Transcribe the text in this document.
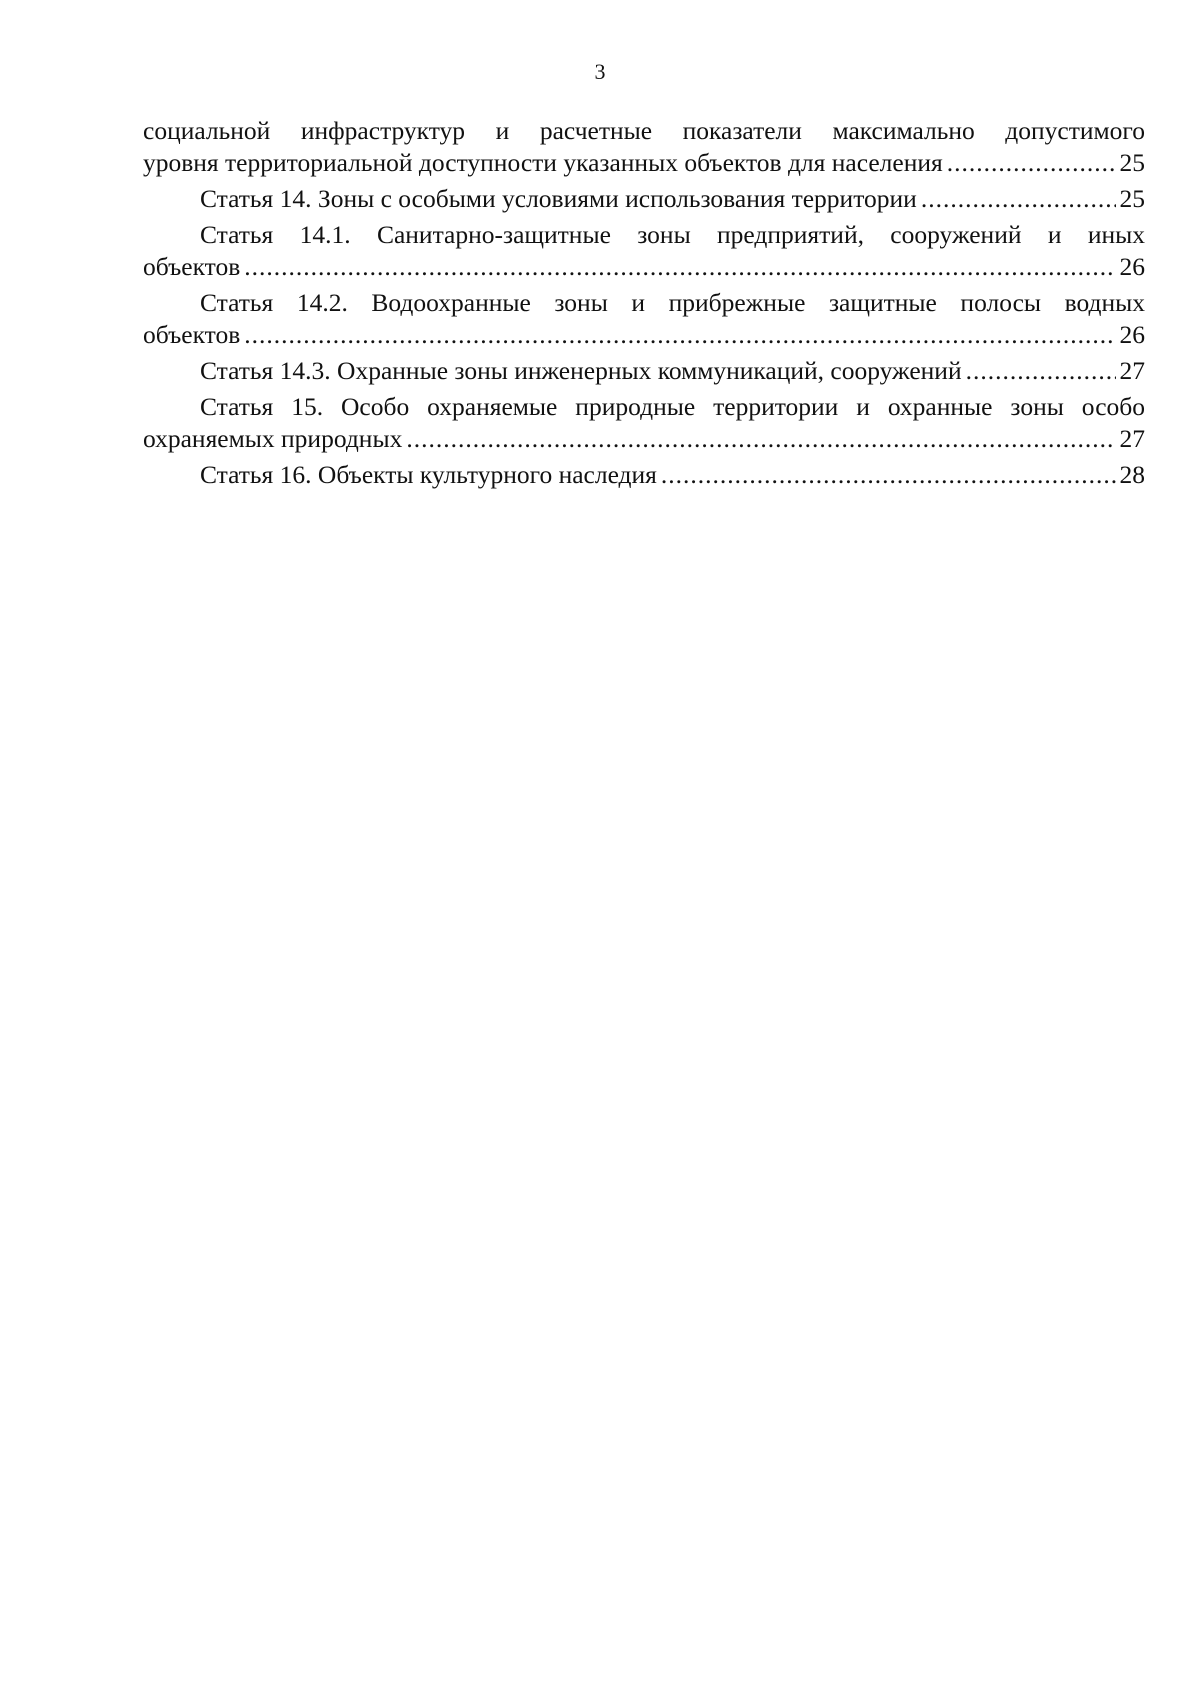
3
социальной инфраструктур и расчетные показатели максимально допустимого
уровня территориальной доступности указанных объектов для населения .....	25
Статья 14. Зоны с особыми условиями использования территории .....	25
Статья 14.1. Санитарно-защитные зоны предприятий, сооружений и иных
объектов .....	26
Статья 14.2. Водоохранные зоны и прибрежные защитные полосы водных
объектов .....	26
Статья 14.3. Охранные зоны инженерных коммуникаций, сооружений .....	27
Статья 15. Особо охраняемые природные территории и охранные зоны особо
охраняемых природных .....	27
Статья 16. Объекты культурного наследия .....	28
